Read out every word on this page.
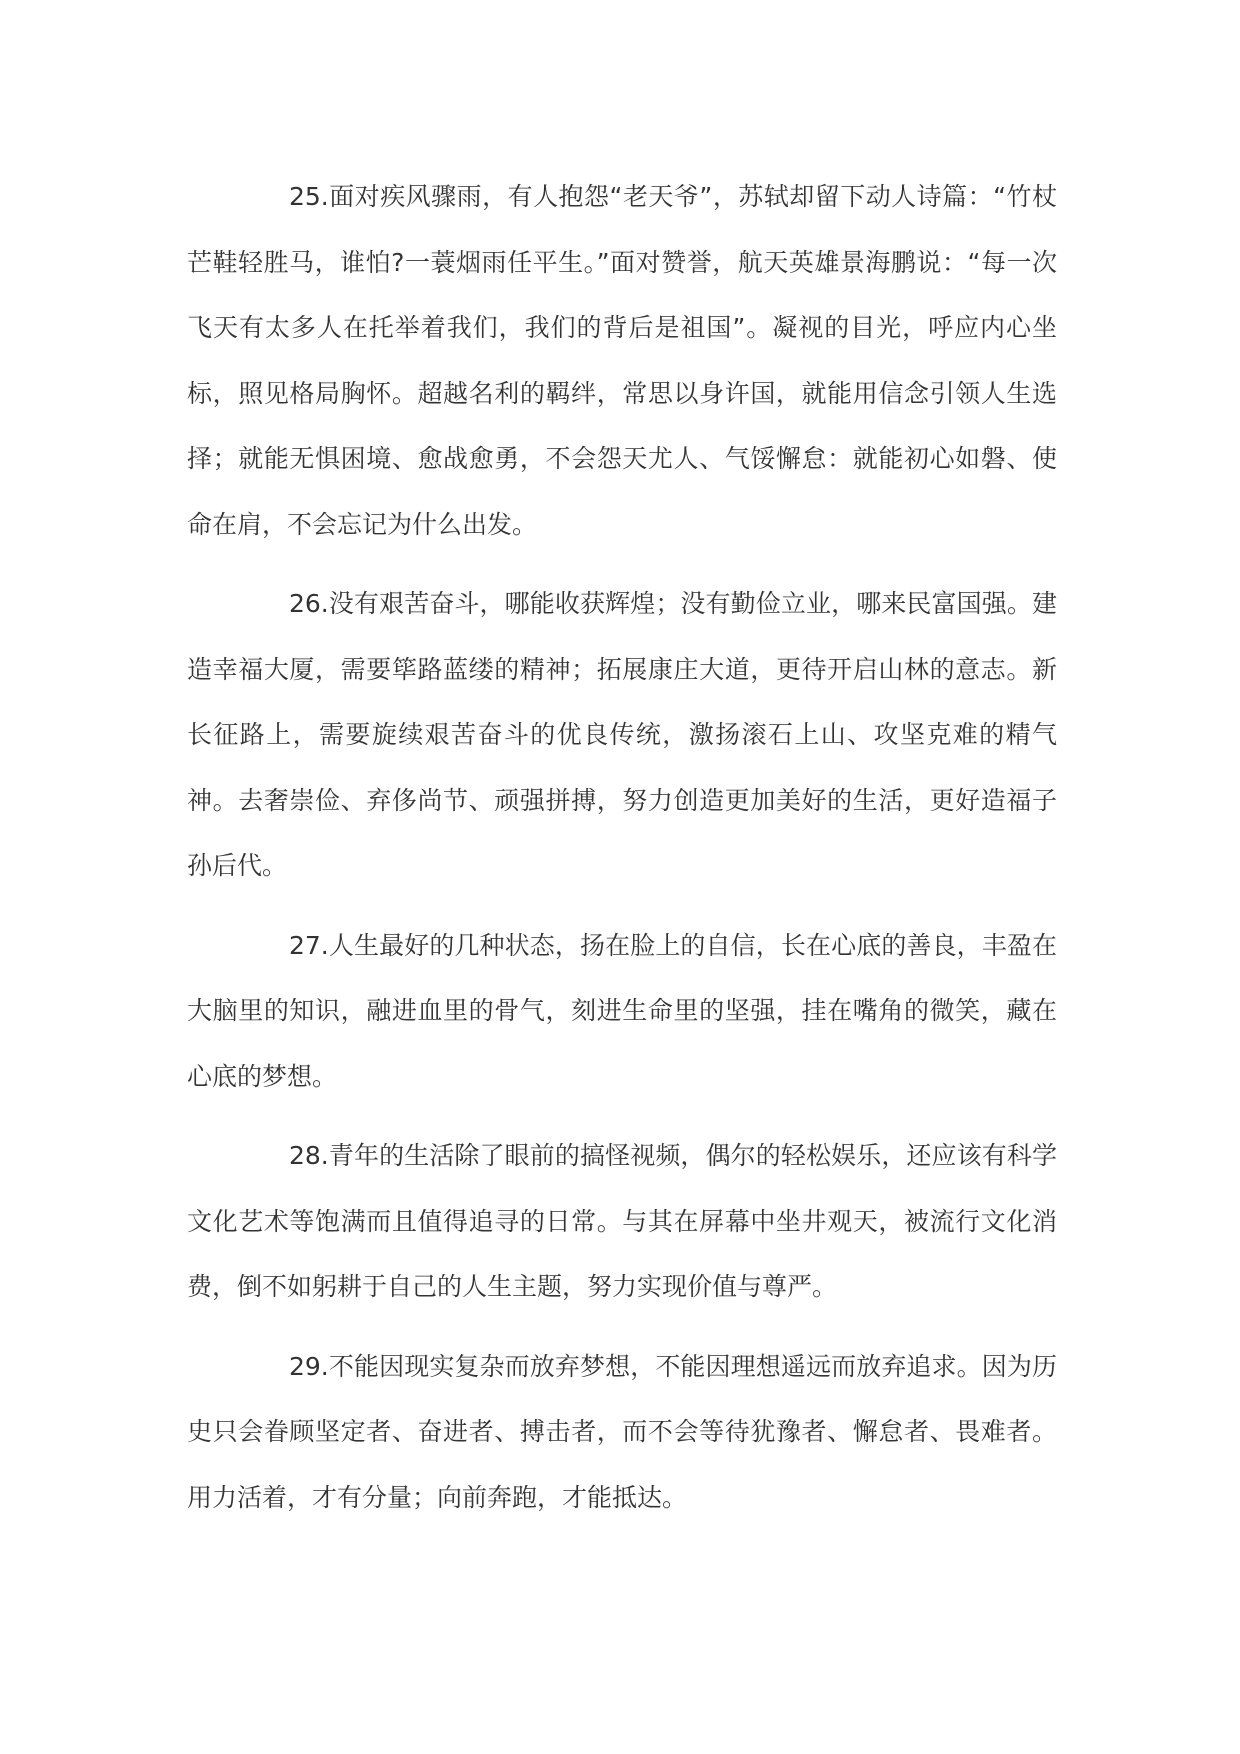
25.面对疾风骤雨，有人抱怨“老天爷”，苏轼却留下动人诗篇：“竹杖芒鞋轻胜马，谁怕?一蓑烟雨任平生。”面对赞誉，航天英雄景海鹏说：“每一次飞天有太多人在托举着我们，我们的背后是祖国”。凝视的目光，呼应内心坐标，照见格局胸怀。超越名利的羁绊，常思以身许国，就能用信念引领人生选择；就能无惧困境、愈战愈勇，不会怨天尤人、气馁懈怠：就能初心如磐、使命在肩，不会忘记为什么出发。

26.没有艰苦奋斗，哪能收获辉煌；没有勤俭立业，哪来民富国强。建造幸福大厦，需要筚路蓝缕的精神；拓展康庄大道，更待开启山林的意志。新长征路上，需要旋续艰苦奋斗的优良传统，激扬滚石上山、攻坚克难的精气神。去奢崇俭、弃侈尚节、顽强拼搏，努力创造更加美好的生活，更好造福子孙后代。

27.人生最好的几种状态，扬在脸上的自信，长在心底的善良，丰盈在大脑里的知识，融进血里的骨气，刻进生命里的坚强，挂在嘴角的微笑，藏在心底的梦想。

28.青年的生活除了眼前的搞怪视频，偶尔的轻松娱乐，还应该有科学文化艺术等饱满而且值得追寻的日常。与其在屏幕中坐井观天，被流行文化消费，倒不如躬耕于自己的人生主题，努力实现价值与尊严。

29.不能因现实复杂而放弃梦想，不能因理想遥远而放弃追求。因为历史只会眷顾坚定者、奋进者、搏击者，而不会等待犹豫者、懈怠者、畏难者。用力活着，才有分量；向前奔跑，才能抵达。
